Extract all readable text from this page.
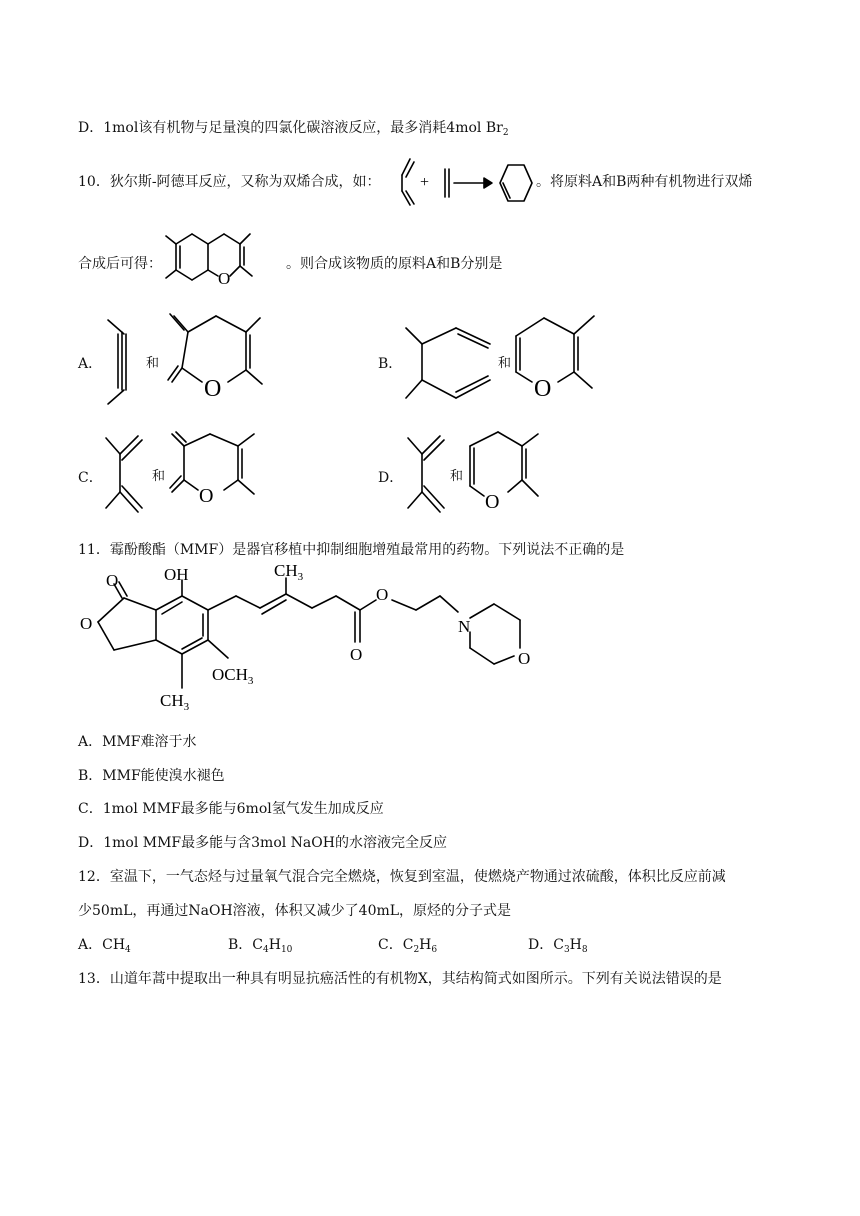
D．1mol该有机物与足量溴的四氯化碳溶液反应，最多消耗4mol $Br_2$
10．狄尔斯-阿德耳反应，又称为双烯合成，如： +	。将原料A和B两种有机物进行双烯
合成后可得：
O
。则合成该物质的原料A和B分别是
A．	和
O
B．	和
O
C．	和
O
D．	和
O
11．霉酚酸酯（MMF）是器官移植中抑制细胞增殖最常用的药物。下列说法不正确的是
O
O
OH
$CH_3$
$OCH_3$
$CH_3$
O
O
N
O
A．MMF难溶于水
B．MMF能使溴水褪色
C．1mol MMF最多能与6mol氢气发生加成反应
D．1mol MMF最多能与含3mol NaOH的水溶液完全反应
12．室温下，一气态烃与过量氧气混合完全燃烧，恢复到室温，使燃烧产物通过浓硫酸，体积比反应前减
少50mL，再通过NaOH溶液，体积又减少了40mL，原烃的分子式是
A．$CH_4$	B．$C_4H_{10}$	C．$C_2H_6$	D．$C_3H_8$
13．山道年蒿中提取出一种具有明显抗癌活性的有机物X，其结构简式如图所示。下列有关说法错误的是
